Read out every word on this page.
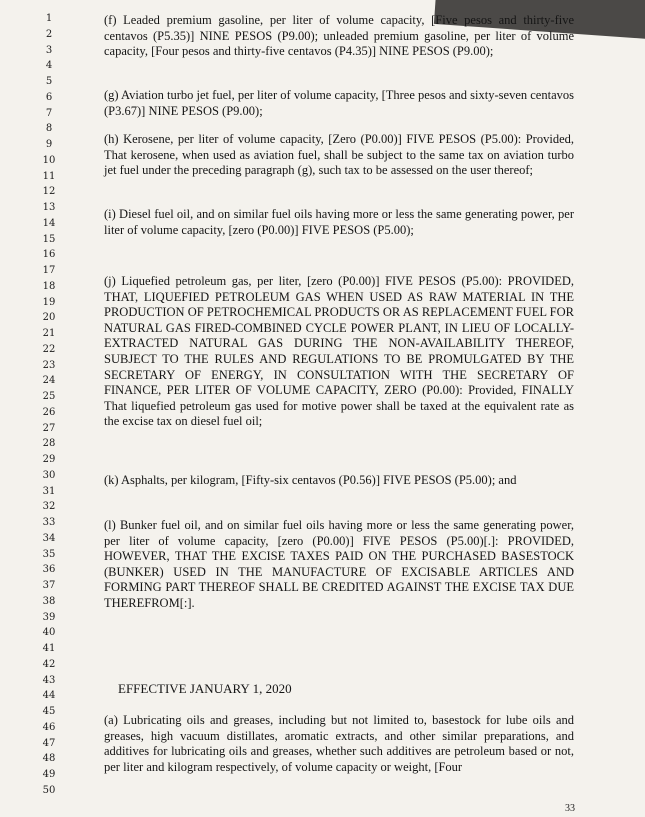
1
2
3
4
5
6
7
8
9
10
11
12
13
14
15
16
17
18
19
20
21
22
23
24
25
26
27
28
29
30
31
32
33
34
35
36
37
38
39
40
41
42
43
44
45
46
47
48
49
50

(f) Leaded premium gasoline, per liter of volume capacity, [Five pesos and thirty-five centavos (P5.35)] NINE PESOS (P9.00); unleaded premium gasoline, per liter of volume capacity, [Four pesos and thirty-five centavos (P4.35)] NINE PESOS (P9.00);

(g) Aviation turbo jet fuel, per liter of volume capacity, [Three pesos and sixty-seven centavos (P3.67)] NINE PESOS (P9.00);

(h) Kerosene, per liter of volume capacity, [Zero (P0.00)] FIVE PESOS (P5.00): Provided, That kerosene, when used as aviation fuel, shall be subject to the same tax on aviation turbo jet fuel under the preceding paragraph (g), such tax to be assessed on the user thereof;

(i) Diesel fuel oil, and on similar fuel oils having more or less the same generating power, per liter of volume capacity, [zero (P0.00)] FIVE PESOS (P5.00);

(j) Liquefied petroleum gas, per liter, [zero (P0.00)] FIVE PESOS (P5.00): PROVIDED, THAT, LIQUEFIED PETROLEUM GAS WHEN USED AS RAW MATERIAL IN THE PRODUCTION OF PETROCHEMICAL PRODUCTS OR AS REPLACEMENT FUEL FOR NATURAL GAS FIRED-COMBINED CYCLE POWER PLANT, IN LIEU OF LOCALLY-EXTRACTED NATURAL GAS DURING THE NON-AVAILABILITY THEREOF, SUBJECT TO THE RULES AND REGULATIONS TO BE PROMULGATED BY THE SECRETARY OF ENERGY, IN CONSULTATION WITH THE SECRETARY OF FINANCE, PER LITER OF VOLUME CAPACITY, ZERO (P0.00): Provided, FINALLY That liquefied petroleum gas used for motive power shall be taxed at the equivalent rate as the excise tax on diesel fuel oil;

(k) Asphalts, per kilogram, [Fifty-six centavos (P0.56)] FIVE PESOS (P5.00); and

(l) Bunker fuel oil, and on similar fuel oils having more or less the same generating power, per liter of volume capacity, [zero (P0.00)] FIVE PESOS (P5.00)[.]: PROVIDED, HOWEVER, THAT THE EXCISE TAXES PAID ON THE PURCHASED BASESTOCK (BUNKER) USED IN THE MANUFACTURE OF EXCISABLE ARTICLES AND FORMING PART THEREOF SHALL BE CREDITED AGAINST THE EXCISE TAX DUE THEREFROM[:].

EFFECTIVE JANUARY 1, 2020

(a) Lubricating oils and greases, including but not limited to, basestock for lube oils and greases, high vacuum distillates, aromatic extracts, and other similar preparations, and additives for lubricating oils and greases, whether such additives are petroleum based or not, per liter and kilogram respectively, of volume capacity or weight, [Four

33
